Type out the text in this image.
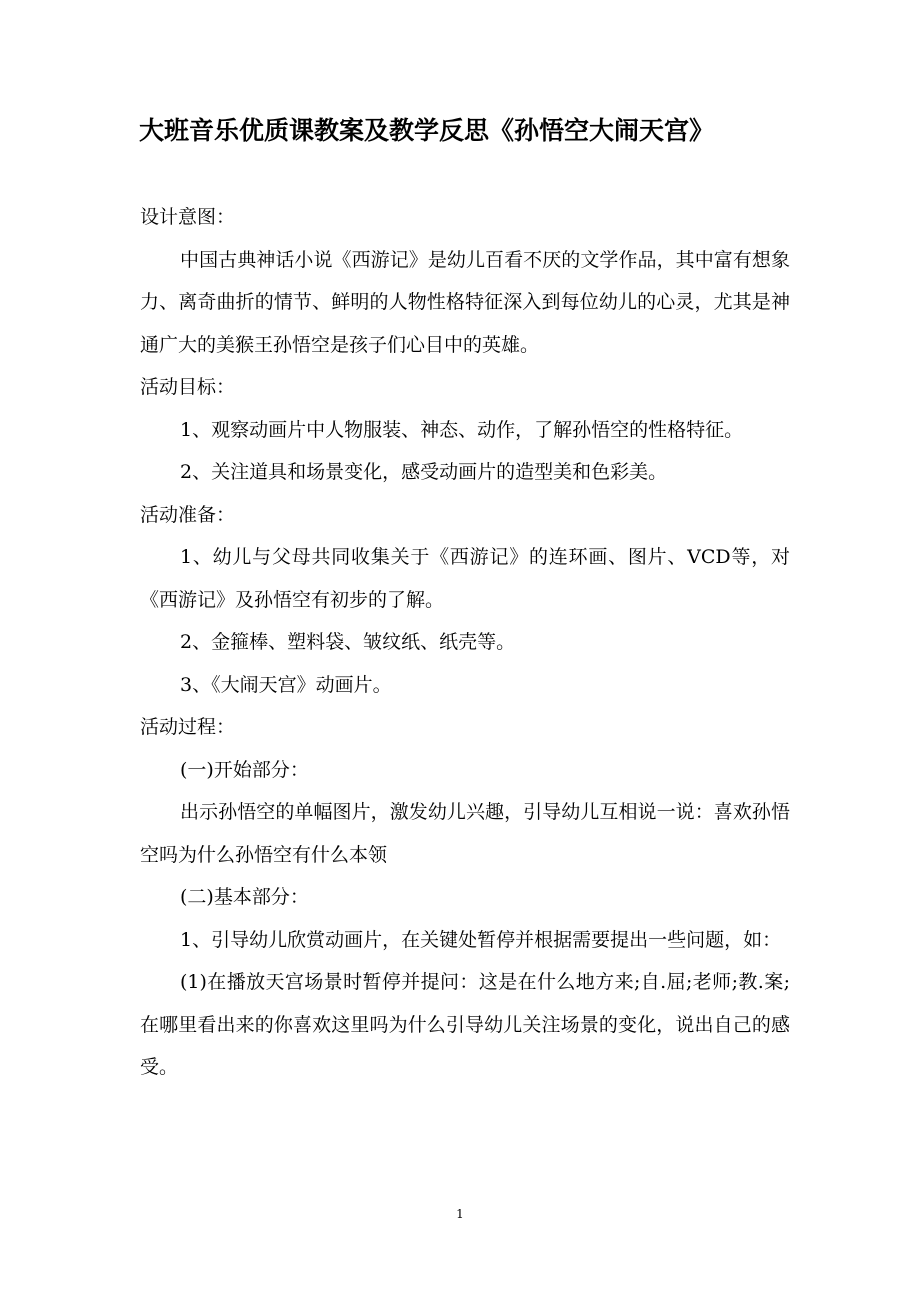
大班音乐优质课教案及教学反思《孙悟空大闹天宫》

设计意图：

中国古典神话小说《西游记》是幼儿百看不厌的文学作品，其中富有想象力、离奇曲折的情节、鲜明的人物性格特征深入到每位幼儿的心灵，尤其是神通广大的美猴王孙悟空是孩子们心目中的英雄。

活动目标：

1、观察动画片中人物服装、神态、动作，了解孙悟空的性格特征。

2、关注道具和场景变化，感受动画片的造型美和色彩美。

活动准备：

1、幼儿与父母共同收集关于《西游记》的连环画、图片、VCD等，对《西游记》及孙悟空有初步的了解。

2、金箍棒、塑料袋、皱纹纸、纸壳等。

3、《大闹天宫》动画片。

活动过程：

(一)开始部分：

出示孙悟空的单幅图片，激发幼儿兴趣，引导幼儿互相说一说：喜欢孙悟空吗为什么孙悟空有什么本领

(二)基本部分：

1、引导幼儿欣赏动画片，在关键处暂停并根据需要提出一些问题，如：

(1)在播放天宫场景时暂停并提问：这是在什么地方来;自.屈;老师;教.案;在哪里看出来的你喜欢这里吗为什么引导幼儿关注场景的变化，说出自己的感受。

1
